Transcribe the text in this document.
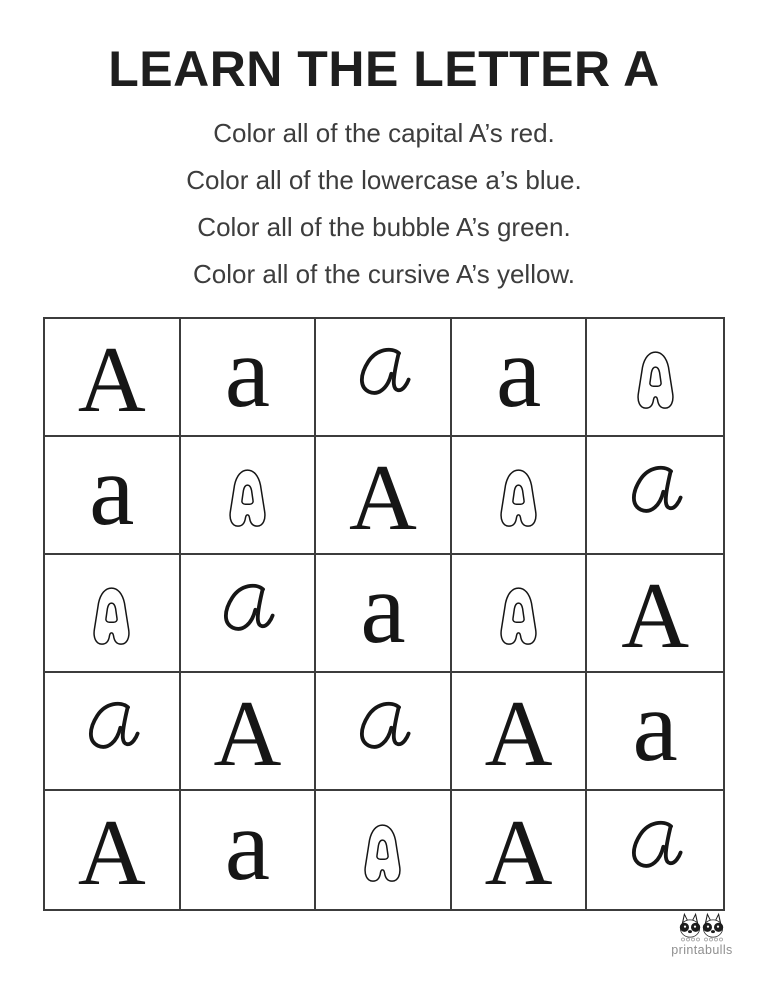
LEARN THE LETTER A

Color all of the capital A’s red.

Color all of the lowercase a’s blue.

Color all of the bubble A’s green.

Color all of the cursive A’s yellow.

A a a
a A
a A
A A a
A a A
printabulls
